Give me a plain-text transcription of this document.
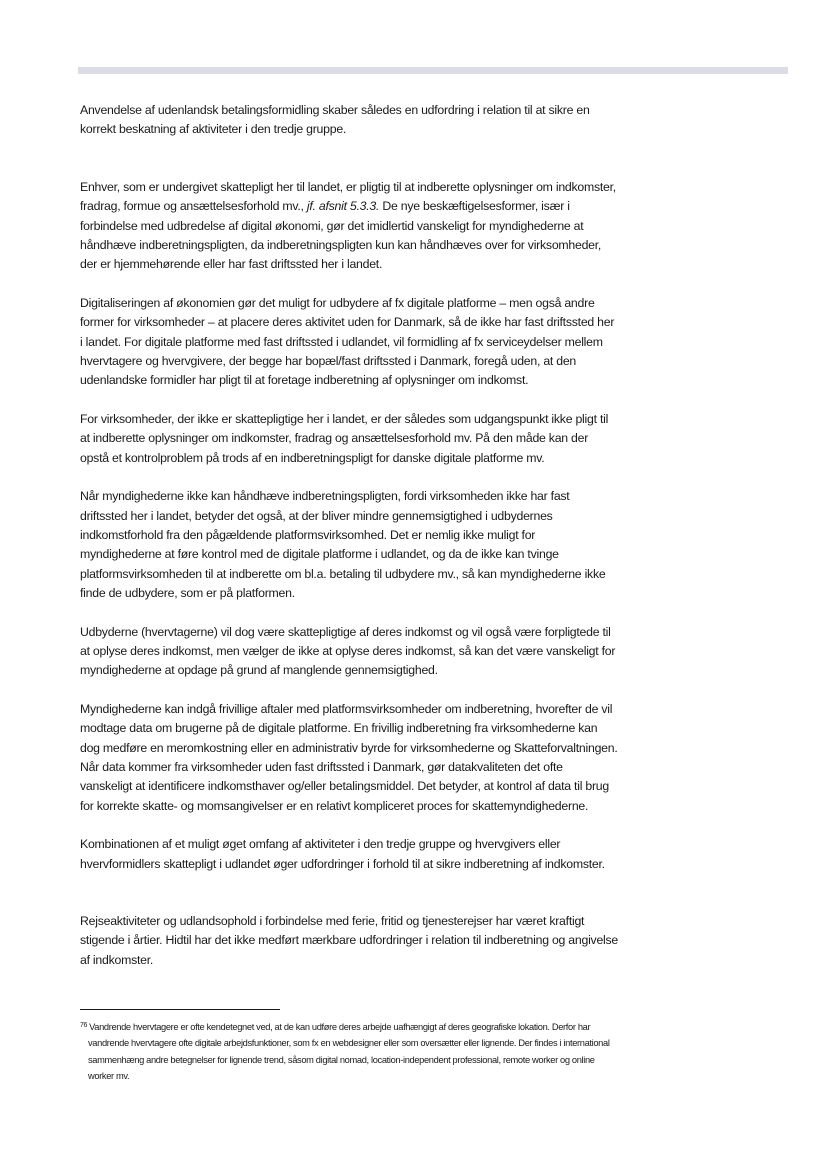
Anvendelse af udenlandsk betalingsformidling skaber således en udfordring i relation til at sikre en korrekt beskatning af aktiviteter i den tredje gruppe.

Enhver, som er undergivet skattepligt her til landet, er pligtig til at indberette oplysninger om indkomster, fradrag, formue og ansættelsesforhold mv., jf. afsnit 5.3.3. De nye beskæftigelsesformer, især i forbindelse med udbredelse af digital økonomi, gør det imidlertid vanskeligt for myndighederne at håndhæve indberetningspligten, da indberetningspligten kun kan håndhæves over for virksomheder, der er hjemmehørende eller har fast driftssted her i landet.

Digitaliseringen af økonomien gør det muligt for udbydere af fx digitale platforme – men også andre former for virksomheder – at placere deres aktivitet uden for Danmark, så de ikke har fast driftssted her i landet. For digitale platforme med fast driftssted i udlandet, vil formidling af fx serviceydelser mellem hvervtagere og hvervgivere, der begge har bopæl/fast driftssted i Danmark, foregå uden, at den udenlandske formidler har pligt til at foretage indberetning af oplysninger om indkomst.

For virksomheder, der ikke er skattepligtige her i landet, er der således som udgangspunkt ikke pligt til at indberette oplysninger om indkomster, fradrag og ansættelsesforhold mv. På den måde kan der opstå et kontrolproblem på trods af en indberetningspligt for danske digitale platforme mv.

Når myndighederne ikke kan håndhæve indberetningspligten, fordi virksomheden ikke har fast driftssted her i landet, betyder det også, at der bliver mindre gennemsigtighed i udbydernes indkomstforhold fra den pågældende platformsvirksomhed. Det er nemlig ikke muligt for myndighederne at føre kontrol med de digitale platforme i udlandet, og da de ikke kan tvinge platformsvirksomheden til at indberette om bl.a. betaling til udbydere mv., så kan myndighederne ikke finde de udbydere, som er på platformen.

Udbyderne (hvervtagerne) vil dog være skattepligtige af deres indkomst og vil også være forpligtede til at oplyse deres indkomst, men vælger de ikke at oplyse deres indkomst, så kan det være vanskeligt for myndighederne at opdage på grund af manglende gennemsigtighed.

Myndighederne kan indgå frivillige aftaler med platformsvirksomheder om indberetning, hvorefter de vil modtage data om brugerne på de digitale platforme. En frivillig indberetning fra virksomhederne kan dog medføre en meromkostning eller en administrativ byrde for virksomhederne og Skatteforvaltningen. Når data kommer fra virksomheder uden fast driftssted i Danmark, gør datakvaliteten det ofte vanskeligt at identificere indkomsthaver og/eller betalingsmiddel. Det betyder, at kontrol af data til brug for korrekte skatte- og momsangivelser er en relativt kompliceret proces for skattemyndighederne.

Kombinationen af et muligt øget omfang af aktiviteter i den tredje gruppe og hvervgivers eller hvervformidlers skattepligt i udlandet øger udfordringer i forhold til at sikre indberetning af indkomster.

Rejseaktiviteter og udlandsophold i forbindelse med ferie, fritid og tjenesterejser har været kraftigt stigende i årtier. Hidtil har det ikke medført mærkbare udfordringer i relation til indberetning og angivelse af indkomster.

$^{76}$ Vandrende hvervtagere er ofte kendetegnet ved, at de kan udføre deres arbejde uafhængigt af deres geografiske lokation. Derfor har vandrende hvervtagere ofte digitale arbejdsfunktioner, som fx en webdesigner eller som oversætter eller lignende. Der findes i international sammenhæng andre betegnelser for lignende trend, såsom digital nomad, location-independent professional, remote worker og online worker mv.
